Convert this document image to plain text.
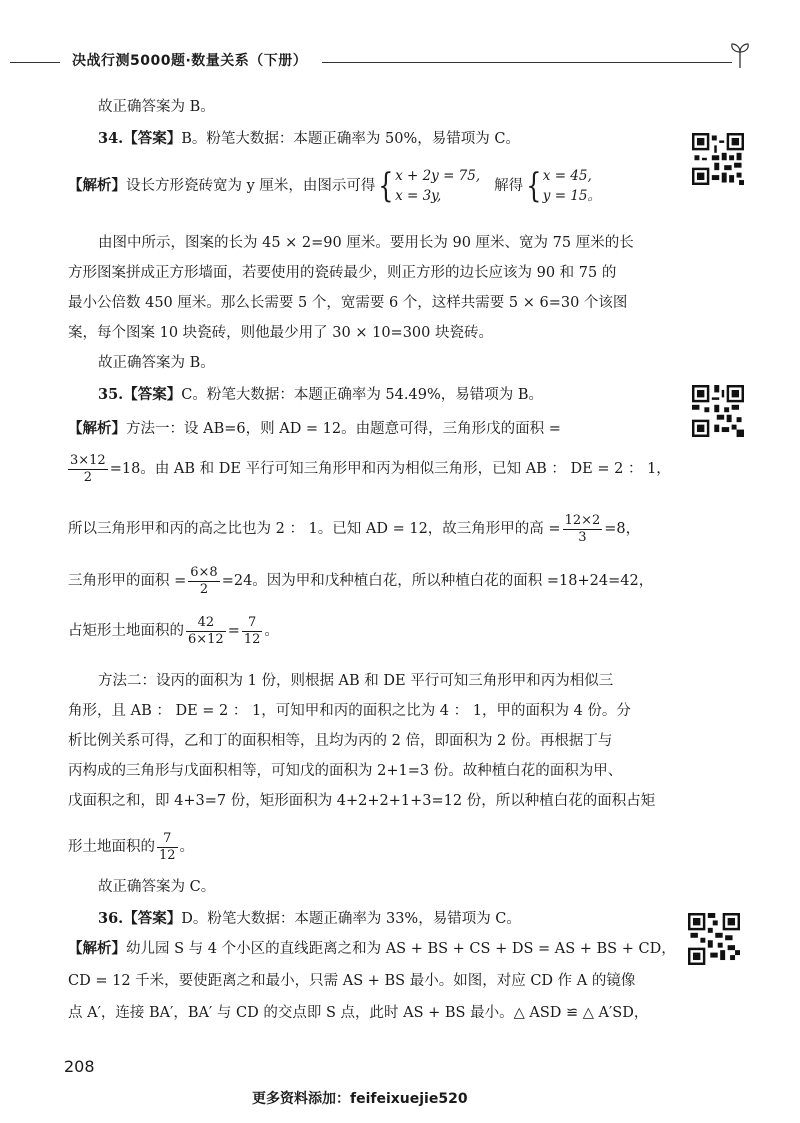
决战行测5000题·数量关系（下册）
故正确答案为 B。
34.【答案】B。粉笔大数据：本题正确率为 50%，易错项为 C。
【解析】设长方形瓷砖宽为 y 厘米，由图示可得{ x + 2y = 75,
x = 3y,
解得{ x = 45,
y = 15。
由图中所示，图案的长为 45 × 2=90 厘米。要用长为 90 厘米、宽为 75 厘米的长
方形图案拼成正方形墙面，若要使用的瓷砖最少，则正方形的边长应该为 90 和 75 的
最小公倍数 450 厘米。那么长需要 5 个，宽需要 6 个，这样共需要 5 × 6=30 个该图
案，每个图案 10 块瓷砖，则他最少用了 30 × 10=300 块瓷砖。
故正确答案为 B。
35.【答案】C。粉笔大数据：本题正确率为 54.49%，易错项为 B。
【解析】方法一：设 AB=6，则 AD = 12。由题意可得，三角形戊的面积 =
$\frac{3\times 12}{2} =18$。由 AB 和 DE 平行可知三角形甲和丙为相似三角形，已知 AB ： DE = 2 ： 1，
所以三角形甲和丙的高之比也为 2 ： 1。已知 AD = 12，故三角形甲的高 = $\frac{12\times 2}{3} =8$，
三角形甲的面积 = $\frac{6\times 8}{2} =24$。因为甲和戊种植白花，所以种植白花的面积 =18+24=42，
占矩形土地面积的 $\frac{42}{6\times 12} = \frac{7}{12}$ 。
方法二：设丙的面积为 1 份，则根据 AB 和 DE 平行可知三角形甲和丙为相似三
角形，且 AB ： DE = 2 ： 1，可知甲和丙的面积之比为 4 ： 1，甲的面积为 4 份。分
析比例关系可得，乙和丁的面积相等，且均为丙的 2 倍，即面积为 2 份。再根据丁与
丙构成的三角形与戊面积相等，可知戊的面积为 2+1=3 份。故种植白花的面积为甲、
戊面积之和，即 4+3=7 份，矩形面积为 4+2+2+1+3=12 份，所以种植白花的面积占矩
形土地面积的 $\frac{7}{12}$ 。
故正确答案为 C。
36.【答案】D。粉笔大数据：本题正确率为 33%，易错项为 C。
【解析】幼儿园 S 与 4 个小区的直线距离之和为 AS + BS + CS + DS = AS + BS + CD，
CD = 12 千米，要使距离之和最小，只需 AS + BS 最小。如图，对应 CD 作 A 的镜像
点 A′，连接 BA′，BA′ 与 CD 的交点即 S 点，此时 AS + BS 最小。△ ASD ≌ △ A′SD，
208
更多资料添加：feifeixuejie520
